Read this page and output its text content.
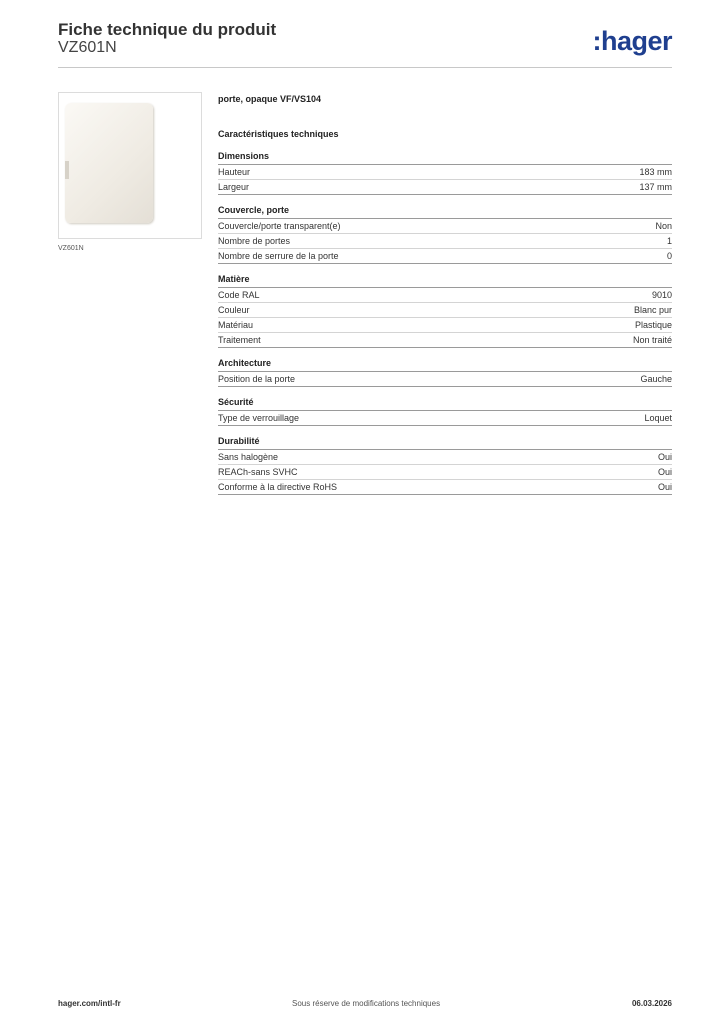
Fiche technique du produit
VZ601N	:hager
VZ601N
porte, opaque VF/VS104
Caractéristiques techniques
Dimensions
Hauteur	183 mm
Largeur	137 mm
Couvercle, porte
Couvercle/porte transparent(e)	Non
Nombre de portes	1
Nombre de serrure de la porte	0
Matière
Code RAL	9010
Couleur	Blanc pur
Matériau	Plastique
Traitement	Non traité
Architecture
Position de la porte	Gauche
Sécurité
Type de verrouillage	Loquet
Durabilité
Sans halogène	Oui
REACh-sans SVHC	Oui
Conforme à la directive RoHS	Oui
hager.com/intl-fr	Sous réserve de modifications techniques	06.03.2026
